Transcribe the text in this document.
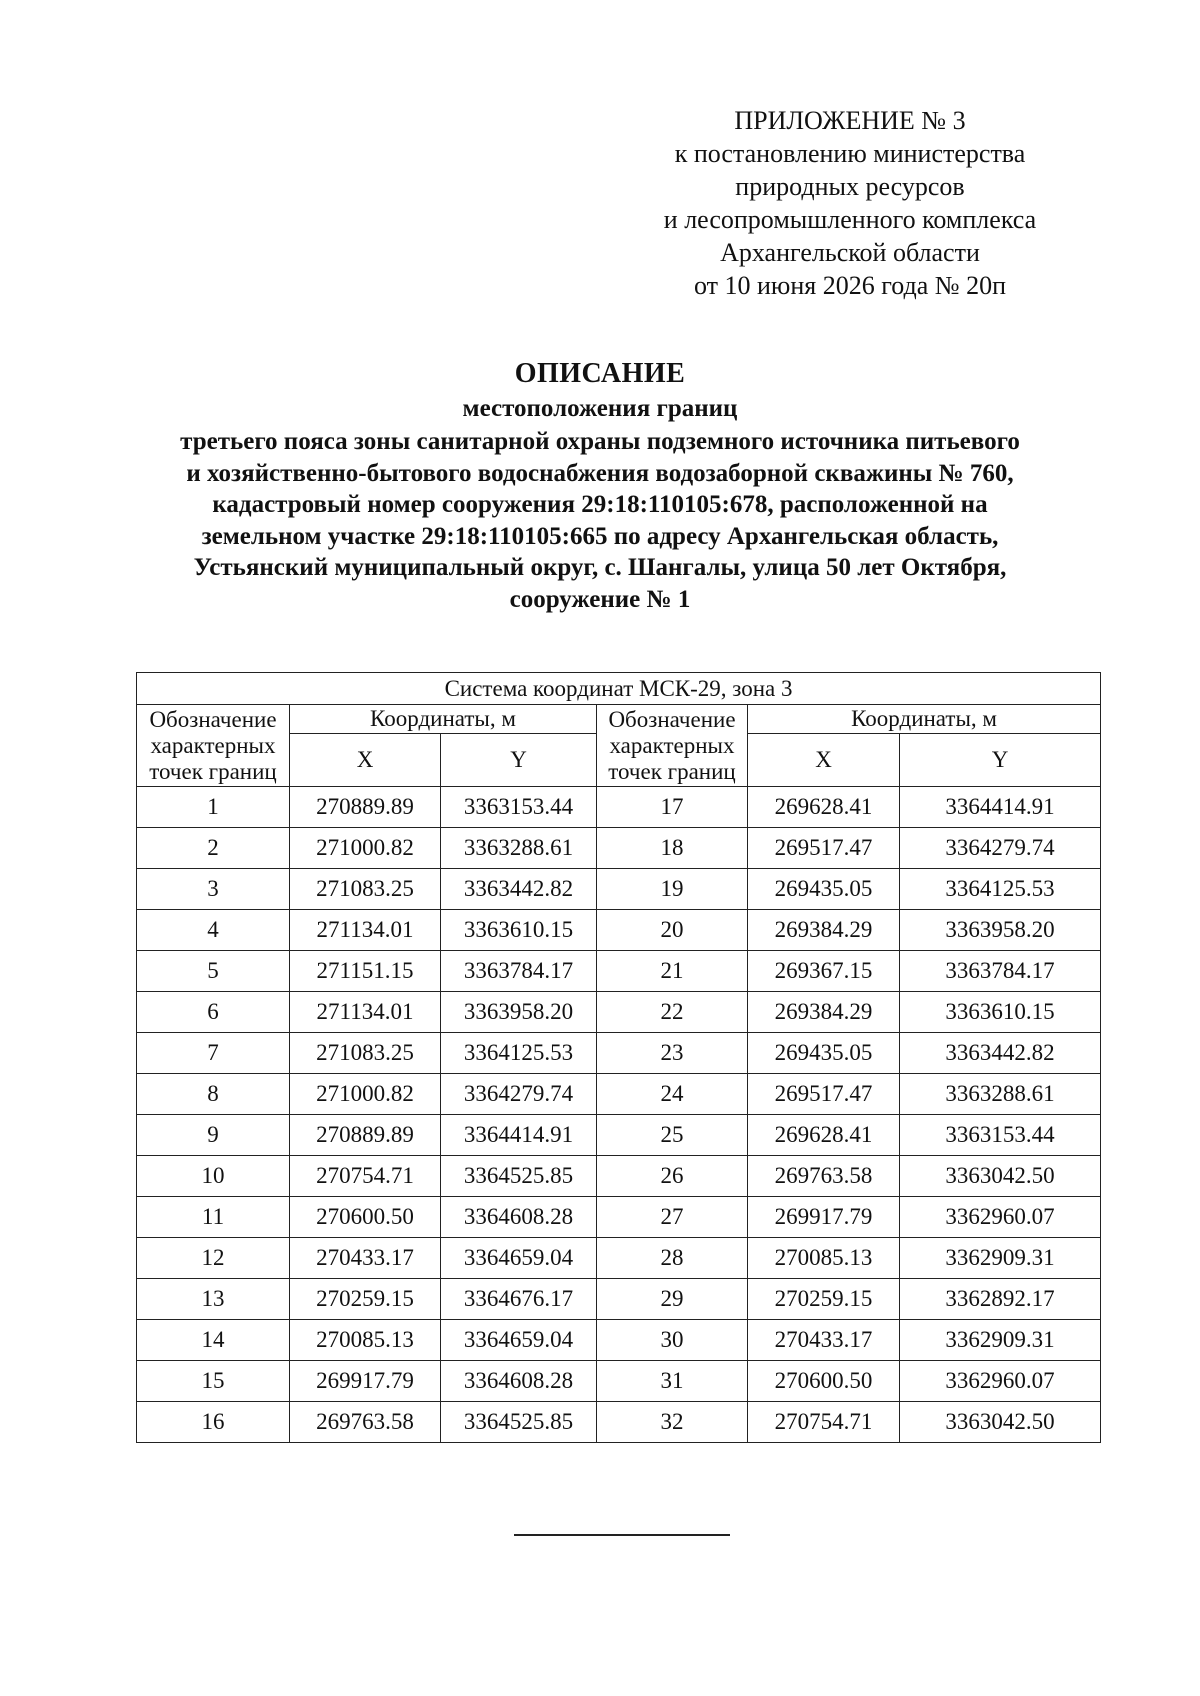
ПРИЛОЖЕНИЕ № 3
к постановлению министерства
природных ресурсов
и лесопромышленного комплекса
Архангельской области
от 10 июня 2026 года № 20п
ОПИСАНИЕ
местоположения границ
третьего пояса зоны санитарной охраны подземного источника питьевого
и хозяйственно-бытового водоснабжения водозаборной скважины № 760,
кадастровый номер сооружения 29:18:110105:678, расположенной на
земельном участке 29:18:110105:665 по адресу Архангельская область,
Устьянский муниципальный округ, с. Шангалы, улица 50 лет Октября,
сооружение № 1
Система координат МСК-29, зона 3					
Обозначение характерных точек границ	Координаты, м		Обозначение характерных точек границ	Координаты, м	
	X	Y		X	Y
1	270889.89	3363153.44	17	269628.41	3364414.91
2	271000.82	3363288.61	18	269517.47	3364279.74
3	271083.25	3363442.82	19	269435.05	3364125.53
4	271134.01	3363610.15	20	269384.29	3363958.20
5	271151.15	3363784.17	21	269367.15	3363784.17
6	271134.01	3363958.20	22	269384.29	3363610.15
7	271083.25	3364125.53	23	269435.05	3363442.82
8	271000.82	3364279.74	24	269517.47	3363288.61
9	270889.89	3364414.91	25	269628.41	3363153.44
10	270754.71	3364525.85	26	269763.58	3363042.50
11	270600.50	3364608.28	27	269917.79	3362960.07
12	270433.17	3364659.04	28	270085.13	3362909.31
13	270259.15	3364676.17	29	270259.15	3362892.17
14	270085.13	3364659.04	30	270433.17	3362909.31
15	269917.79	3364608.28	31	270600.50	3362960.07
16	269763.58	3364525.85	32	270754.71	3363042.50
